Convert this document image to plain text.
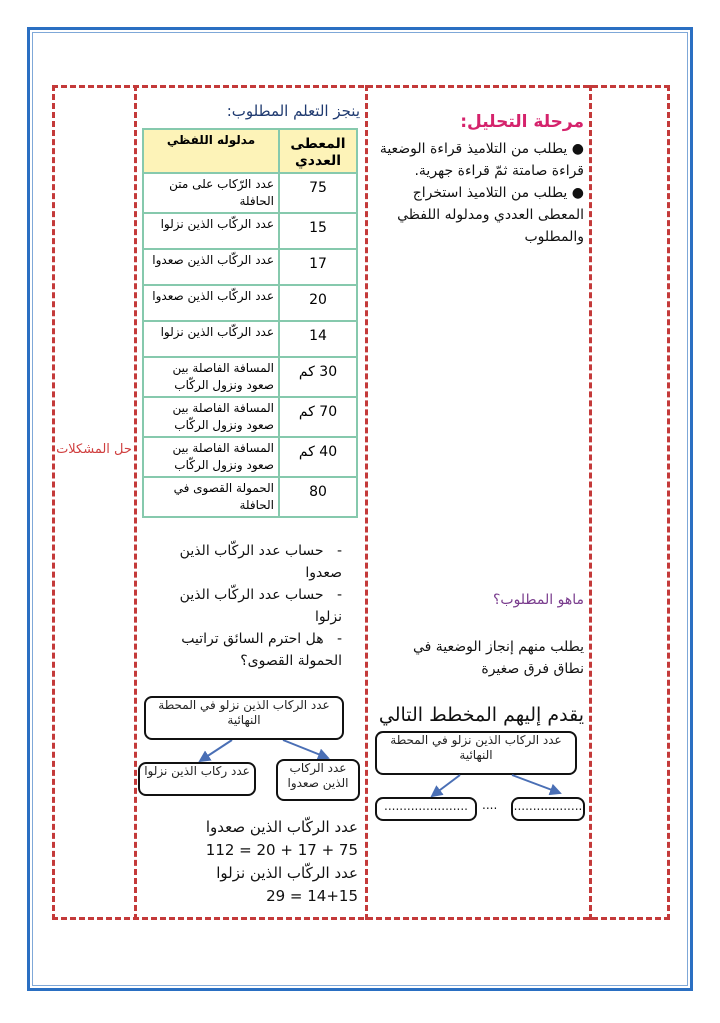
حل المشكلات
مرحلة التحليل:
● يطلب من التلاميذ قراءة الوضعية قراءة صامتة ثمّ قراءة جهرية.
● يطلب من التلاميذ استخراج المعطى العددي ومدلوله اللفظي والمطلوب
ماهو المطلوب؟
يطلب منهم إنجاز الوضعية في نطاق فرق صغيرة
يقدم إليهم المخطط التالي
عدد الركاب الذين نزلو في المحطة النهائية
......................	..................
....
ينجز التعلم المطلوب:
المعطى العددي	مدلوله اللفظي
75	عدد الرّكاب على متن الحافلة
15	عدد الركّاب الذين نزلوا
17	عدد الركّاب الذين صعدوا
20	عدد الركّاب الذين صعدوا
14	عدد الركّاب الذين نزلوا
30 كم	المسافة الفاصلة بين صعود ونزول الركّاب
70 كم	المسافة الفاصلة بين صعود ونزول الركّاب
40 كم	المسافة الفاصلة بين صعود ونزول الركّاب
80	الحمولة القصوى في الحافلة
-   حساب عدد الركّاب الذين صعدوا
-   حساب عدد الركّاب الذين نزلوا
-   هل احترم السائق تراتيب الحمولة القصوى؟
عدد الركاب الذين نزلو في المحطة النهائية
عدد ركاب الذين نزلوا	عدد الركاب الذين صعدوا
عدد الركّاب الذين صعدوا
112 = 20 + 17 + 75
عدد الركّاب الذين نزلوا
29 = 14+15
